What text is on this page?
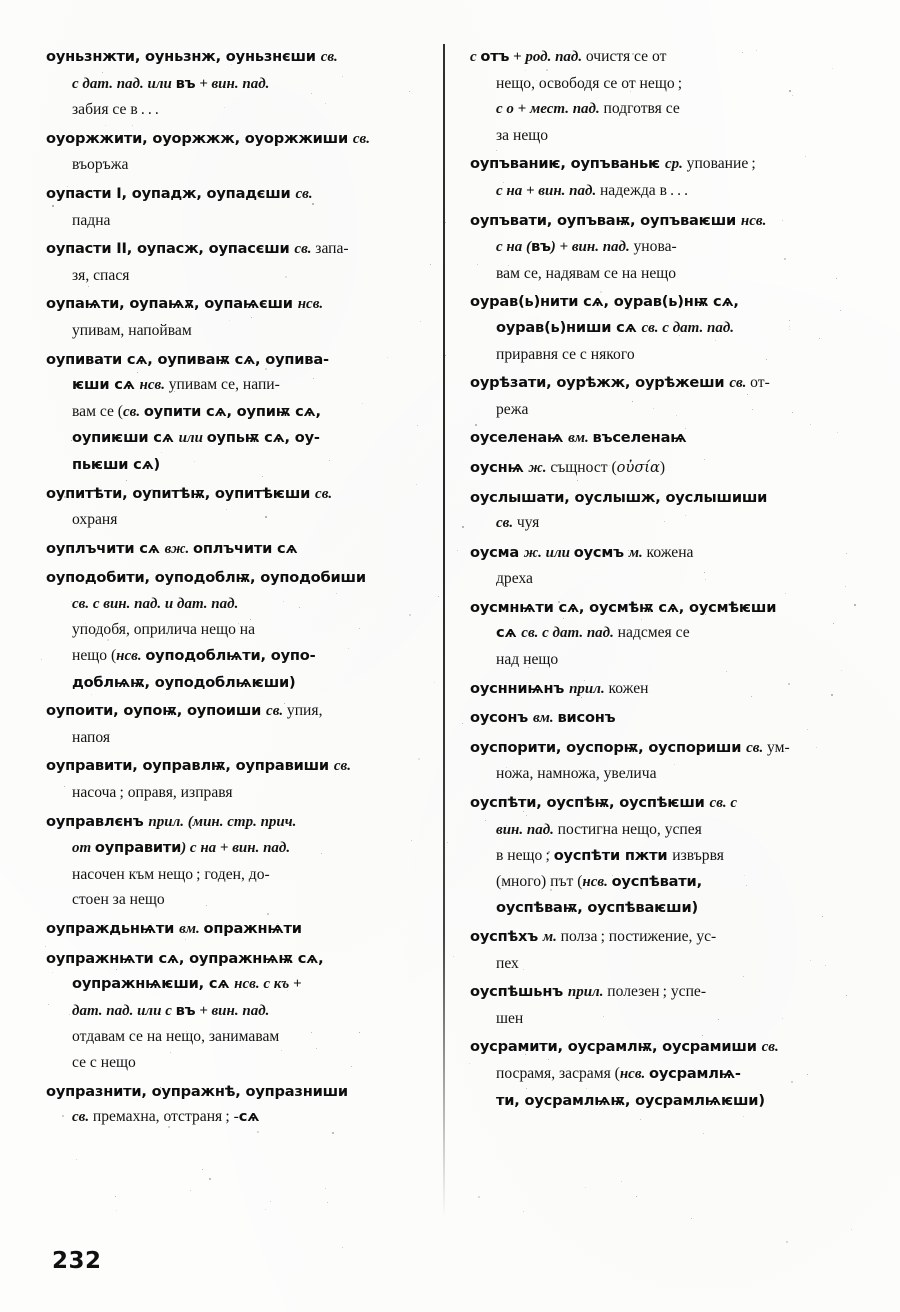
оуньзнжти, оуньзнж, оуньзнєши св.
с дат. пад. или въ + вин. пад.
забия се в . . .
оуоржжити, оуоржжж, оуоржжиши св.
въоръжа
оупасти I, оупадж, оупадєши св.
падна
оупасти II, оупасж, оупасєши св. запа-
зя, спася
оупаѩти, оупаѩѫ, оупаѩєши нсв.
упивам, напойвам
оупивати сѧ, оупиваѭ сѧ, оупива-
ѥши сѧ нсв. упивам се, напи-
вам се (св. оупити сѧ, оупиѭ сѧ,
оупиѥши сѧ или оупьѭ сѧ, оу-
пьѥши сѧ)
оупитѣти, оупитѣѭ, оупитѣѥши св.
охраня
оуплъчити сѧ вж. оплъчити сѧ
оуподобити, оуподоблѭ, оуподобиши
св. с вин. пад. и дат. пад.
уподобя, оприлича нещо на
нещо (нсв. оуподоблѩти, оупо-
доблѩѭ, оуподоблѩѥши)
оупоити, оупоѭ, оупоиши св. упия,
напоя
оуправити, оуправлѭ, оуправиши св.
насоча ; оправя, изправя
оуправлєнъ прил. (мин. стр. прич.
от оуправити) с на + вин. пад.
насочен към нещо ; годен, до-
стоен за нещо
оупраждьнѩти вм. опражнѩти
оупражнѩти сѧ, оупражнѩѭ сѧ,
оупражнѩѥши, сѧ нсв. с къ +
дат. пад. или с въ + вин. пад.
отдавам се на нещо, занимавам
се с нещо
оупразнити, оупражнѣ, оупразниши
св. премахна, отстраня ; -сѧ
с отъ + род. пад. очистя се от
нещо, освободя се от нещо ;
с о + мест. пад. подготвя се
за нещо
оупъваниѥ, оупъваньѥ ср. упование ;
с на + вин. пад. надежда в . . .
оупъвати, оупъваѭ, оупъваѥши нсв.
с на (въ) + вин. пад. унова-
вам се, надявам се на нещо
оурав(ь)нити сѧ, оурав(ь)нѭ сѧ,
оурав(ь)ниши сѧ св. с дат. пад.
приравня се с някого
оурѣзати, оурѣжж, оурѣжеши св. от-
режа
оуселенаѩ вм. въселенаѩ
оуснѩ ж. същност (οὐσία)
оуслышати, оуслышж, оуслышиши
св. чуя
оусма ж. или оусмъ м. кожена
дреха
оусмнѩти сѧ, оусмѣѭ сѧ, оусмѣѥши
сѧ св. с дат. пад. надсмея се
над нещо
оуснниѩнъ прил. кожен
оусонъ вм. висонъ
оуспорити, оуспорѭ, оуспориши св. ум-
ножа, намножа, увелича
оуспѣти, оуспѣѭ, оуспѣѥши св. с
вин. пад. постигна нещо, успея
в нещо ; оуспѣти пжти извървя
(много) път (нсв. оуспѣвати,
оуспѣваѭ, оуспѣваѥши)
оуспѣхъ м. полза ; постижение, ус-
пех
оуспѣшьнъ прил. полезен ; успе-
шен
оусрамити, оусрамлѭ, оусрамиши св.
посрамя, засрамя (нсв. оусрамлѩ-
ти, оусрамлѩѭ, оусрамлѩѥши)
232
